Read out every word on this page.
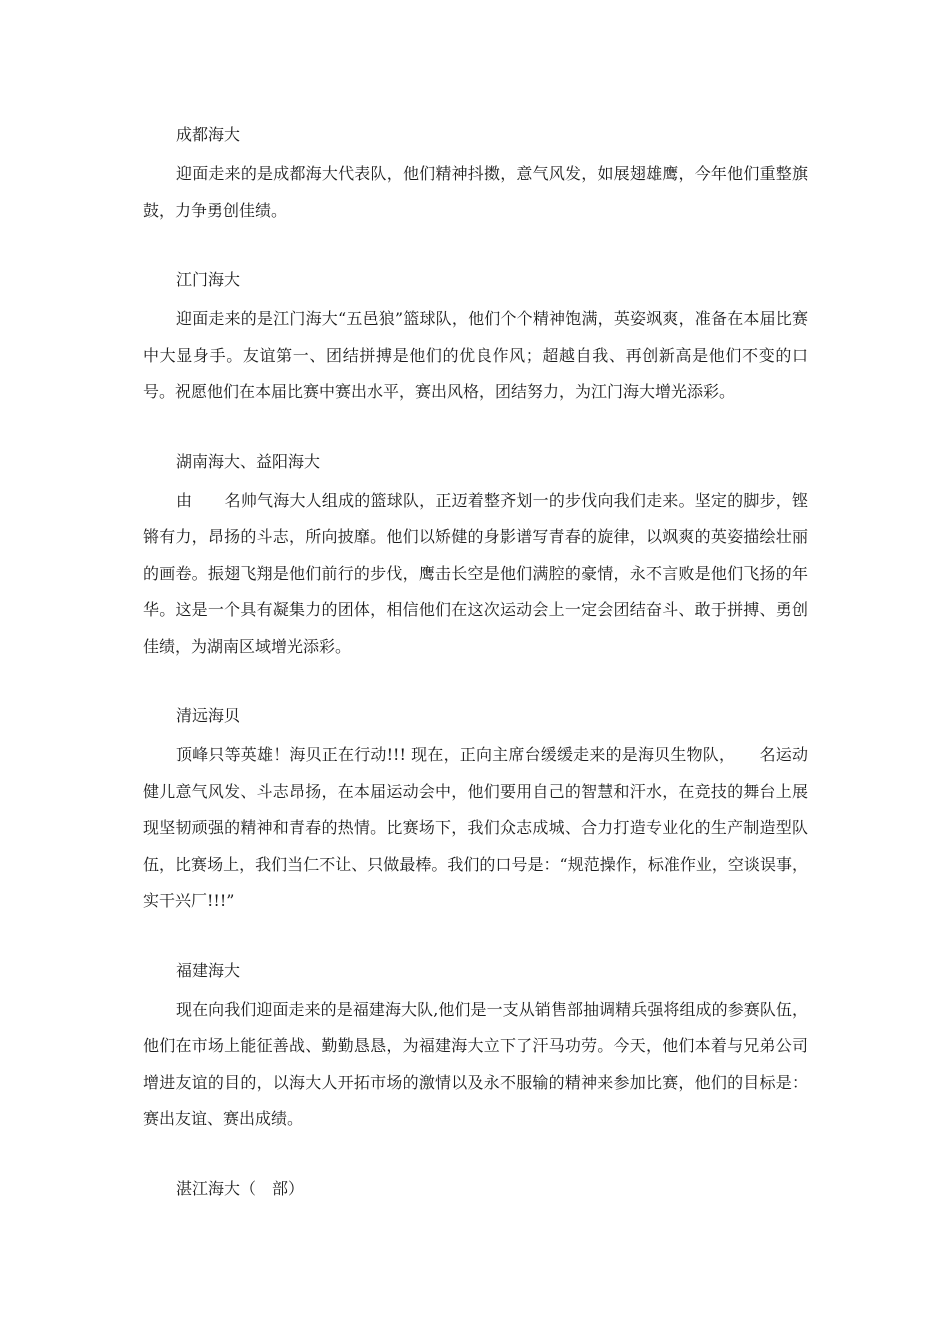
成都海大

迎面走来的是成都海大代表队，他们精神抖擞，意气风发，如展翅雄鹰，今年他们重整旗鼓，力争勇创佳绩。

江门海大

迎面走来的是江门海大“五邑狼”篮球队，他们个个精神饱满，英姿飒爽，准备在本届比赛中大显身手。友谊第一、团结拼搏是他们的优良作风；超越自我、再创新高是他们不变的口号。祝愿他们在本届比赛中赛出水平，赛出风格，团结努力，为江门海大增光添彩。

湖南海大、益阳海大

由　　名帅气海大人组成的篮球队，正迈着整齐划一的步伐向我们走来。坚定的脚步，铿锵有力，昂扬的斗志，所向披靡。他们以矫健的身影谱写青春的旋律，以飒爽的英姿描绘壮丽的画卷。振翅飞翔是他们前行的步伐，鹰击长空是他们满腔的豪情，永不言败是他们飞扬的年华。这是一个具有凝集力的团体，相信他们在这次运动会上一定会团结奋斗、敢于拼搏、勇创佳绩，为湖南区域增光添彩。

清远海贝

顶峰只等英雄！海贝正在行动!!! 现在，正向主席台缓缓走来的是海贝生物队，　　名运动健儿意气风发、斗志昂扬，在本届运动会中，他们要用自己的智慧和汗水，在竞技的舞台上展现坚韧顽强的精神和青春的热情。比赛场下，我们众志成城、合力打造专业化的生产制造型队伍，比赛场上，我们当仁不让、只做最棒。我们的口号是：“规范操作，标准作业，空谈误事，实干兴厂!!!”

福建海大

现在向我们迎面走来的是福建海大队,他们是一支从销售部抽调精兵强将组成的参赛队伍，他们在市场上能征善战、勤勤恳恳，为福建海大立下了汗马功劳。今天，他们本着与兄弟公司增进友谊的目的，以海大人开拓市场的激情以及永不服输的精神来参加比赛，他们的目标是：赛出友谊、赛出成绩。

湛江海大（　部）
